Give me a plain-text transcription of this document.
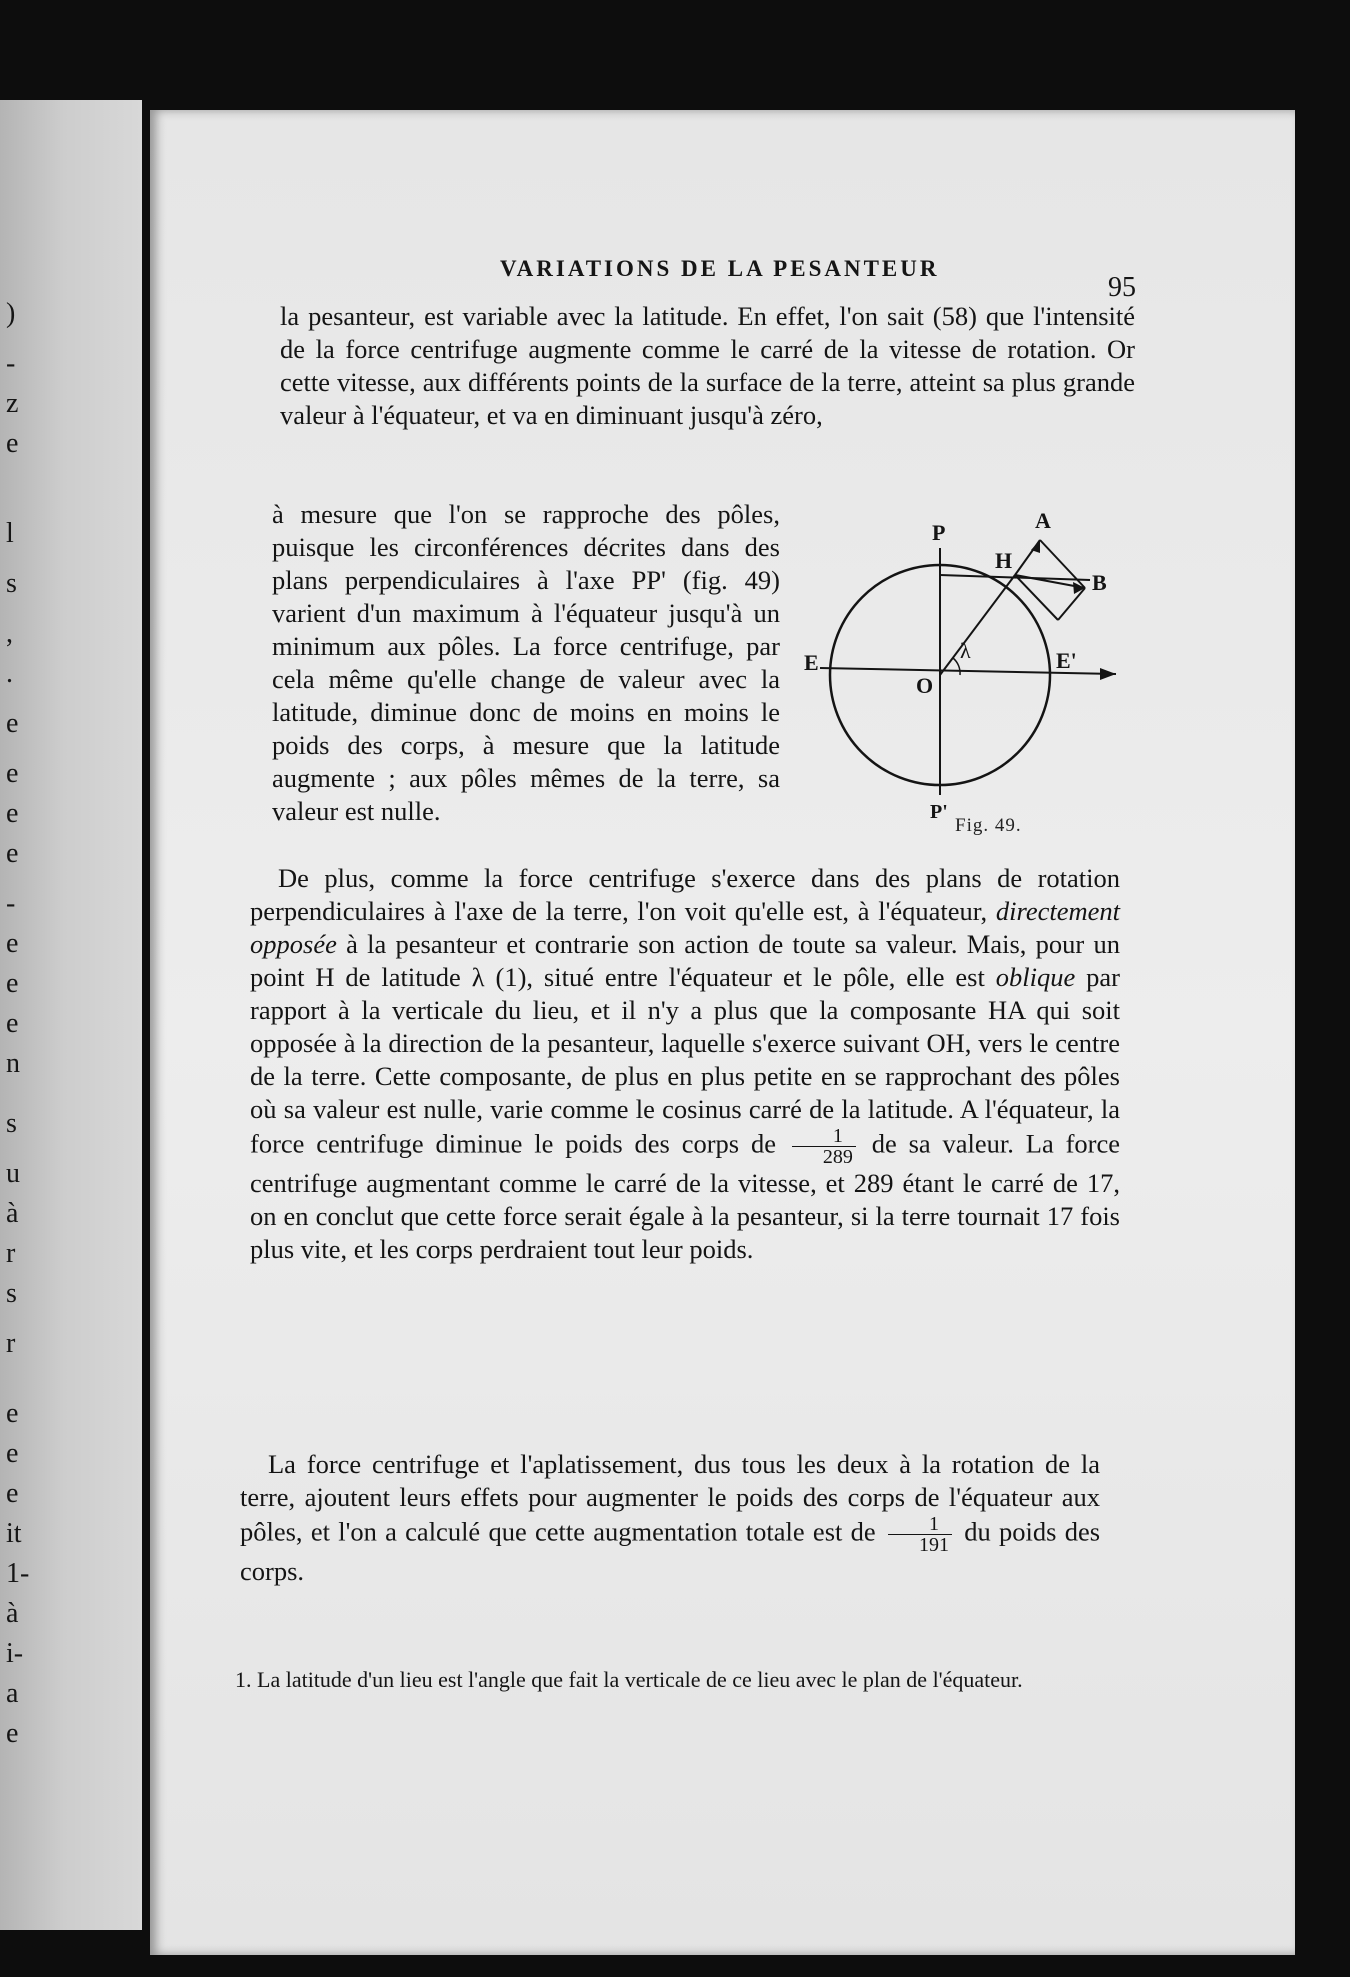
)
-
z
e
l
s
,
.
e
e
e
e
-
e
e
e
n
s
u
à
r
s
r
e
e
e
it
1-
à
i-
a
e
VARIATIONS DE LA PESANTEUR
95

la pesanteur, est variable avec la latitude. En effet, l'on sait (58) que l'intensité de la force centrifuge augmente comme le carré de la vitesse de rotation. Or cette vitesse, aux différents points de la surface de la terre, atteint sa plus grande valeur à l'équateur, et va en diminuant jusqu'à zéro,

à mesure que l'on se rapproche des pôles, puisque les circonférences décrites dans des plans perpendiculaires à l'axe PP' (fig. 49) varient d'un maximum à l'équateur jusqu'à un minimum aux pôles. La force centrifuge, par cela même qu'elle change de valeur avec la latitude, diminue donc de moins en moins le poids des corps, à mesure que la latitude augmente ; aux pôles mêmes de la terre, sa valeur est nulle.

P
P'
E	E'
O
H
A
B
λ
Fig. 49.

De plus, comme la force centrifuge s'exerce dans des plans de rotation perpendiculaires à l'axe de la terre, l'on voit qu'elle est, à l'équateur, directement opposée à la pesanteur et contrarie son action de toute sa valeur. Mais, pour un point H de latitude λ (1), situé entre l'équateur et le pôle, elle est oblique par rapport à la verticale du lieu, et il n'y a plus que la composante HA qui soit opposée à la direction de la pesanteur, laquelle s'exerce suivant OH, vers le centre de la terre. Cette composante, de plus en plus petite en se rapprochant des pôles où sa valeur est nulle, varie comme le cosinus carré de la latitude. A l'équateur, la force centrifuge diminue le poids des corps de $\frac{1}{289}$ de sa valeur. La force centrifuge augmentant comme le carré de la vitesse, et 289 étant le carré de 17, on en conclut que cette force serait égale à la pesanteur, si la terre tournait 17 fois plus vite, et les corps perdraient tout leur poids.

La force centrifuge et l'aplatissement, dus tous les deux à la rotation de la terre, ajoutent leurs effets pour augmenter le poids des corps de l'équateur aux pôles, et l'on a calculé que cette augmentation totale est de $\frac{1}{191}$ du poids des corps.

1. La latitude d'un lieu est l'angle que fait la verticale de ce lieu avec le plan de l'équateur.
